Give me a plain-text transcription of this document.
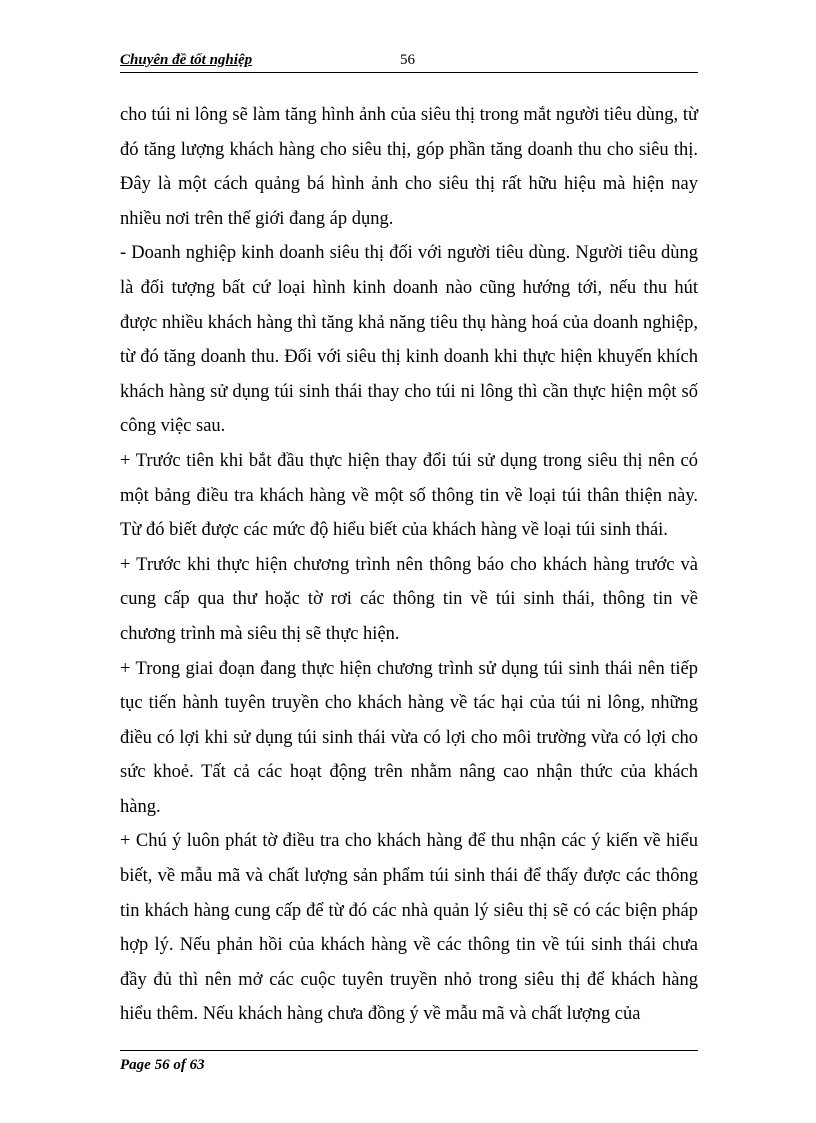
Chuyên đề tốt nghiệp	56

cho túi ni lông sẽ làm tăng hình ảnh của siêu thị trong mắt người tiêu dùng, từ đó tăng lượng khách hàng cho siêu thị, góp phần tăng doanh thu cho siêu thị. Đây là một cách quảng bá hình ảnh cho siêu thị rất hữu hiệu mà hiện nay nhiều nơi trên thế giới đang áp dụng.

- Doanh nghiệp kinh doanh siêu thị đối với người tiêu dùng. Người tiêu dùng là đối tượng bất cứ loại hình kinh doanh nào cũng hướng tới, nếu thu hút được nhiều khách hàng thì tăng khả năng tiêu thụ hàng hoá của doanh nghiệp, từ đó tăng doanh thu. Đối với siêu thị kinh doanh khi thực hiện khuyến khích khách hàng sử dụng túi sinh thái thay cho túi ni lông thì cần thực hiện một số công việc sau.

+ Trước tiên khi bắt đầu thực hiện thay đổi túi sử dụng trong siêu thị nên có một bảng điều tra khách hàng về một số thông tin về loại túi thân thiện này. Từ đó biết được các mức độ hiểu biết của khách hàng về loại túi sinh thái.

+ Trước khi thực hiện chương trình nên thông báo cho khách hàng trước và cung cấp qua thư hoặc tờ rơi các thông tin về túi sinh thái, thông tin về chương trình mà siêu thị sẽ thực hiện.

+ Trong giai đoạn đang thực hiện chương trình sử dụng túi sinh thái nên tiếp tục tiến hành tuyên truyền cho khách hàng về tác hại của túi ni lông, những điều có lợi khi sử dụng túi sinh thái vừa có lợi cho môi trường vừa có lợi cho sức khoẻ. Tất cả các hoạt động trên nhằm nâng cao nhận thức của khách hàng.

+ Chú ý luôn phát tờ điều tra cho khách hàng để thu nhận các ý kiến về hiểu biết, về mẫu mã và chất lượng sản phẩm túi sinh thái để thấy được các thông tin khách hàng cung cấp để từ đó các nhà quản lý siêu thị sẽ có các biện pháp hợp lý. Nếu phản hồi của khách hàng về các thông tin về túi sinh thái chưa đầy đủ thì nên mở các cuộc tuyên truyền nhỏ trong siêu thị để khách hàng hiểu thêm. Nếu khách hàng chưa đồng ý về mẫu mã và chất lượng của

Page 56 of 63
